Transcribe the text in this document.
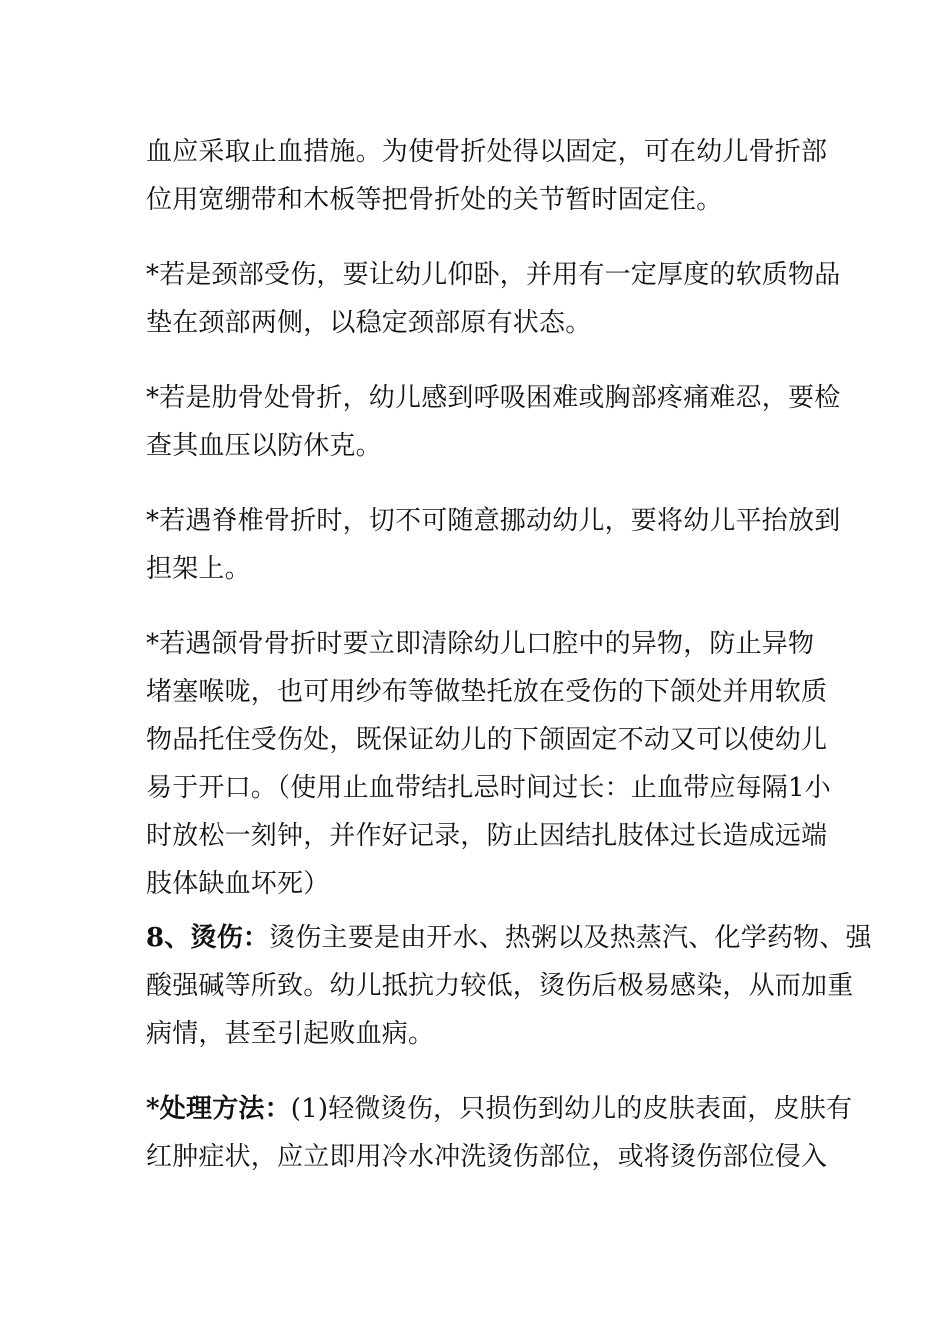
血应采取止血措施。为使骨折处得以固定，可在幼儿骨折部
位用宽绷带和木板等把骨折处的关节暂时固定住。
*若是颈部受伤，要让幼儿仰卧，并用有一定厚度的软质物品
垫在颈部两侧，以稳定颈部原有状态。
*若是肋骨处骨折，幼儿感到呼吸困难或胸部疼痛难忍，要检
查其血压以防休克。
*若遇脊椎骨折时，切不可随意挪动幼儿，要将幼儿平抬放到
担架上。
*若遇颌骨骨折时要立即清除幼儿口腔中的异物，防止异物
堵塞喉咙，也可用纱布等做垫托放在受伤的下颌处并用软质
物品托住受伤处，既保证幼儿的下颌固定不动又可以使幼儿
易于开口。（使用止血带结扎忌时间过长：止血带应每隔1小
时放松一刻钟，并作好记录，防止因结扎肢体过长造成远端
肢体缺血坏死）
8、烫伤：烫伤主要是由开水、热粥以及热蒸汽、化学药物、强
酸强碱等所致。幼儿抵抗力较低，烫伤后极易感染，从而加重
病情，甚至引起败血病。
*处理方法：(1)轻微烫伤，只损伤到幼儿的皮肤表面，皮肤有
红肿症状，应立即用冷水冲洗烫伤部位，或将烫伤部位侵入
